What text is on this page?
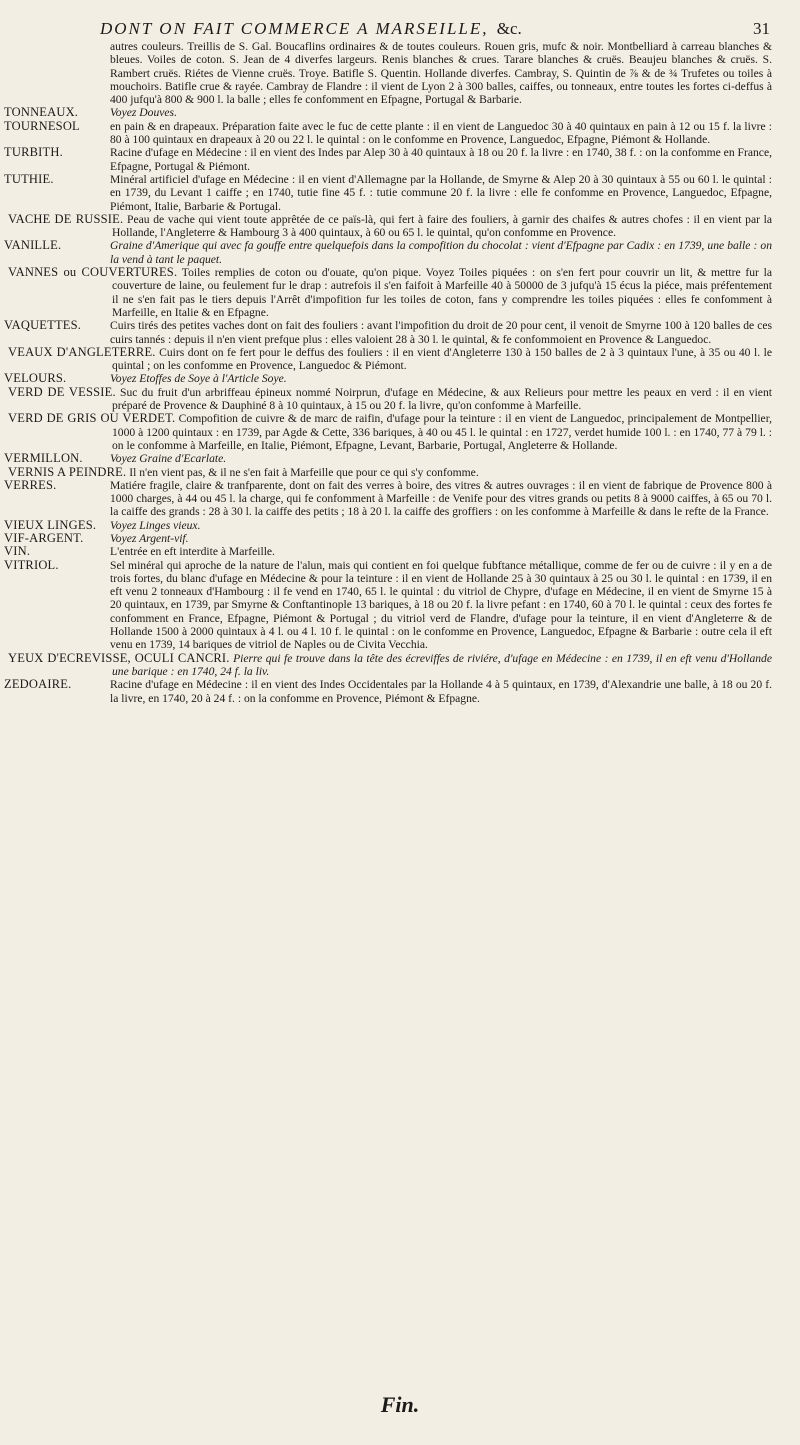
DONT ON FAIT COMMERCE A MARSEILLE, &c.	31
autres couleurs. Treillis de S. Gal. Boucaflins ordinaires & de toutes couleurs. Rouen gris, mufc & noir. Montbelliard à carreau blanches & bleues. Voiles de coton. S. Jean de 4 diverfes largeurs. Renis blanches & crues. Tarare blanches & cruës. Beaujeu blanches & cruës. S. Rambert cruës. Riétes de Vienne cruës. Troye. Batifle S. Quentin. Hollande diverfes. Cambray, S. Quintin de ⅞ & de ¾ Trufetes ou toiles à mouchoirs. Batifle crue & rayée. Cambray de Flandre : il vient de Lyon 2 à 300 balles, caiffes, ou tonneaux, entre toutes les fortes ci-deffus à 400 jufqu'à 800 & 900 l. la balle ; elles fe confomment en Efpagne, Portugal & Barbarie.
TONNEAUX.	Voyez Douves.
TOURNESOL	en pain & en drapeaux. Préparation faite avec le fuc de cette plante : il en vient de Languedoc 30 à 40 quintaux en pain à 12 ou 15 f. la livre : 80 à 100 quintaux en drapeaux à 20 ou 22 l. le quintal : on le confomme en Provence, Languedoc, Efpagne, Piémont & Hollande.
TURBITH.	Racine d'ufage en Médecine : il en vient des Indes par Alep 30 à 40 quintaux à 18 ou 20 f. la livre : en 1740, 38 f. : on la confomme en France, Efpagne, Portugal & Piémont.
TUTHIE.	Minéral artificiel d'ufage en Médecine : il en vient d'Allemagne par la Hollande, de Smyrne & Alep 20 à 30 quintaux à 55 ou 60 l. le quintal : en 1739, du Levant 1 caiffe ; en 1740, tutie fine 45 f. : tutie commune 20 f. la livre : elle fe confomme en Provence, Languedoc, Efpagne, Piémont, Italie, Barbarie & Portugal.
VACHE DE RUSSIE. Peau de vache qui vient toute apprêtée de ce païs-là, qui fert à faire des fouliers, à garnir des chaifes & autres chofes : il en vient par la Hollande, l'Angleterre & Hambourg 3 à 400 quintaux, à 60 ou 65 l. le quintal, qu'on confomme en Provence.
VANILLE.	Graine d'Amerique qui avec fa gouffe entre quelquefois dans la compofition du chocolat : vient d'Efpagne par Cadix : en 1739, une balle : on la vend à tant le paquet.
VANNES ou COUVERTURES. Toiles remplies de coton ou d'ouate, qu'on pique. Voyez Toiles piquées : on s'en fert pour couvrir un lit, & mettre fur la couverture de laine, ou feulement fur le drap : autrefois il s'en faifoit à Marfeille 40 à 50000 de 3 jufqu'à 15 écus la piéce, mais préfentement il ne s'en fait pas le tiers depuis l'Arrêt d'impofition fur les toiles de coton, fans y comprendre les toiles piquées : elles fe confomment à Marfeille, en Italie & en Efpagne.
VAQUETTES.	Cuirs tirés des petites vaches dont on fait des fouliers : avant l'impofition du droit de 20 pour cent, il venoit de Smyrne 100 à 120 balles de ces cuirs tannés : depuis il n'en vient prefque plus : elles valoient 28 à 30 l. le quintal, & fe confommoient en Provence & Languedoc.
VEAUX D'ANGLETERRE. Cuirs dont on fe fert pour le deffus des fouliers : il en vient d'Angleterre 130 à 150 balles de 2 à 3 quintaux l'une, à 35 ou 40 l. le quintal ; on les confomme en Provence, Languedoc & Piémont.
VELOURS.	Voyez Etoffes de Soye à l'Article Soye.
VERD DE VESSIE. Suc du fruit d'un arbriffeau épineux nommé Noirprun, d'ufage en Médecine, & aux Relieurs pour mettre les peaux en verd : il en vient préparé de Provence & Dauphiné 8 à 10 quintaux, à 15 ou 20 f. la livre, qu'on confomme à Marfeille.
VERD DE GRIS OU VERDET. Compofition de cuivre & de marc de raifin, d'ufage pour la teinture : il en vient de Languedoc, principalement de Montpellier, 1000 à 1200 quintaux : en 1739, par Agde & Cette, 336 bariques, à 40 ou 45 l. le quintal : en 1727, verdet humide 100 l. : en 1740, 77 à 79 l. : on le confomme à Marfeille, en Italie, Piémont, Efpagne, Levant, Barbarie, Portugal, Angleterre & Hollande.
VERMILLON.	Voyez Graine d'Ecarlate.
VERNIS A PEINDRE. Il n'en vient pas, & il ne s'en fait à Marfeille que pour ce qui s'y confomme.
VERRES.	Matiére fragile, claire & tranfparente, dont on fait des verres à boire, des vitres & autres ouvrages : il en vient de fabrique de Provence 800 à 1000 charges, à 44 ou 45 l. la charge, qui fe confomment à Marfeille : de Venife pour des vitres grands ou petits 8 à 9000 caiffes, à 65 ou 70 l. la caiffe des grands : 28 à 30 l. la caiffe des petits ; 18 à 20 l. la caiffe des groffiers : on les confomme à Marfeille & dans le refte de la France.
VIEUX LINGES.	Voyez Linges vieux.
VIF-ARGENT.	Voyez Argent-vif.
VIN.	L'entrée en eft interdite à Marfeille.
VITRIOL.	Sel minéral qui aproche de la nature de l'alun, mais qui contient en foi quelque fubftance métallique, comme de fer ou de cuivre : il y en a de trois fortes, du blanc d'ufage en Médecine & pour la teinture : il en vient de Hollande 25 à 30 quintaux à 25 ou 30 l. le quintal : en 1739, il en eft venu 2 tonneaux d'Hambourg : il fe vend en 1740, 65 l. le quintal : du vitriol de Chypre, d'ufage en Médecine, il en vient de Smyrne 15 à 20 quintaux, en 1739, par Smyrne & Conftantinople 13 bariques, à 18 ou 20 f. la livre pefant : en 1740, 60 à 70 l. le quintal : ceux des fortes fe confomment en France, Efpagne, Piémont & Portugal ; du vitriol verd de Flandre, d'ufage pour la teinture, il en vient d'Angleterre & de Hollande 1500 à 2000 quintaux à 4 l. ou 4 l. 10 f. le quintal : on le confomme en Provence, Languedoc, Efpagne & Barbarie : outre cela il eft venu en 1739, 14 bariques de vitriol de Naples ou de Civita Vecchia.
YEUX D'ECREVISSE, OCULI CANCRI. Pierre qui fe trouve dans la tête des écreviffes de riviére, d'ufage en Médecine : en 1739, il en eft venu d'Hollande une barique : en 1740, 24 f. la liv.
ZEDOAIRE.	Racine d'ufage en Médecine : il en vient des Indes Occidentales par la Hollande 4 à 5 quintaux, en 1739, d'Alexandrie une balle, à 18 ou 20 f. la livre, en 1740, 20 à 24 f. : on la confomme en Provence, Piémont & Efpagne.
Fin.
